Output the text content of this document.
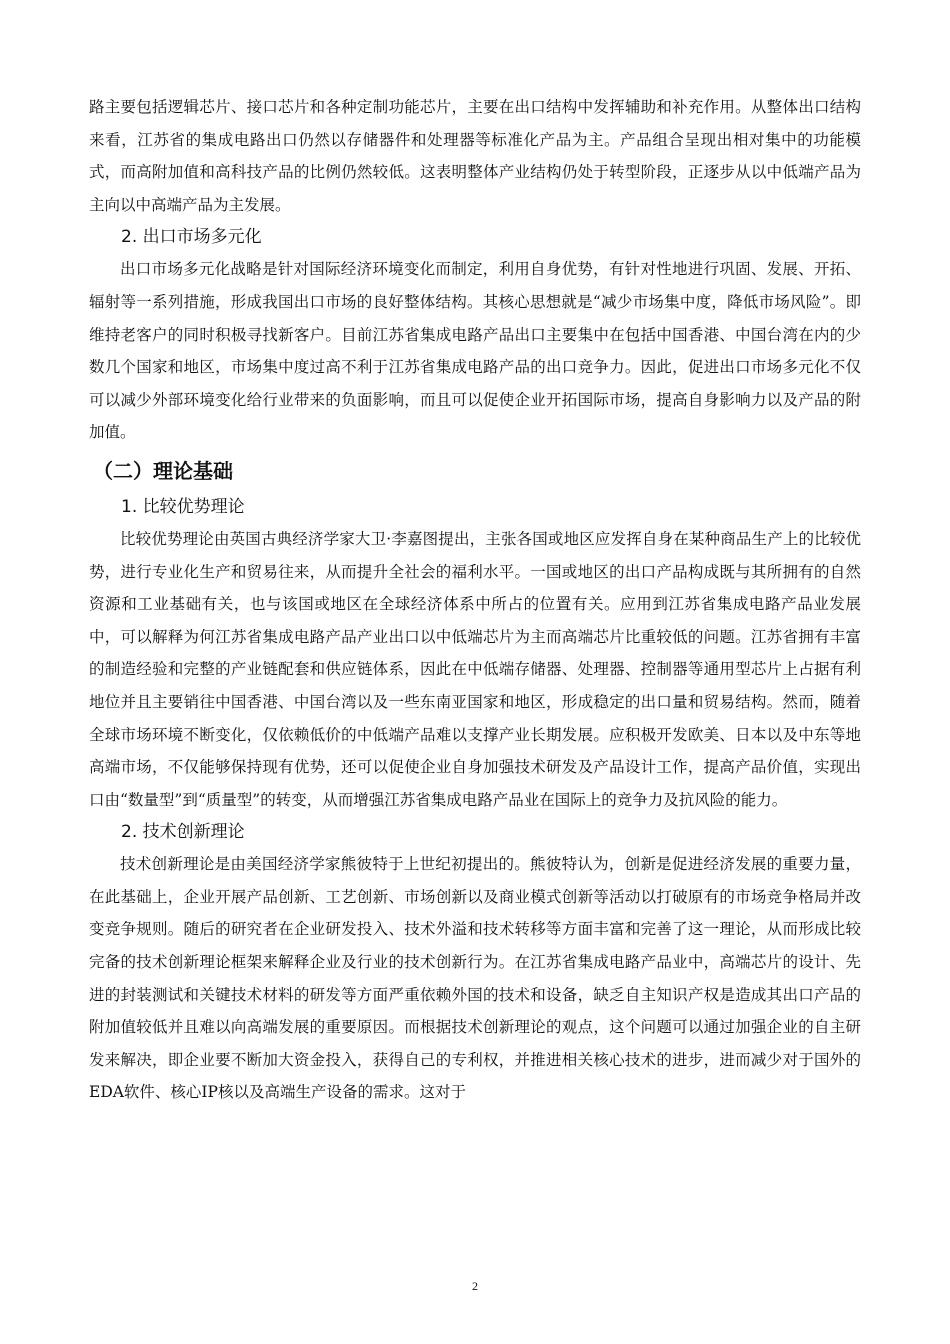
路主要包括逻辑芯片、接口芯片和各种定制功能芯片，主要在出口结构中发挥辅助和补充作用。从整体出口结构来看，江苏省的集成电路出口仍然以存储器件和处理器等标准化产品为主。产品组合呈现出相对集中的功能模式，而高附加值和高科技产品的比例仍然较低。这表明整体产业结构仍处于转型阶段，正逐步从以中低端产品为主向以中高端产品为主发展。

2. 出口市场多元化

出口市场多元化战略是针对国际经济环境变化而制定，利用自身优势，有针对性地进行巩固、发展、开拓、辐射等一系列措施，形成我国出口市场的良好整体结构。其核心思想就是“减少市场集中度，降低市场风险”。即维持老客户的同时积极寻找新客户。目前江苏省集成电路产品出口主要集中在包括中国香港、中国台湾在内的少数几个国家和地区，市场集中度过高不利于江苏省集成电路产品的出口竞争力。因此，促进出口市场多元化不仅可以减少外部环境变化给行业带来的负面影响，而且可以促使企业开拓国际市场，提高自身影响力以及产品的附加值。

（二）理论基础
1. 比较优势理论

比较优势理论由英国古典经济学家大卫·李嘉图提出，主张各国或地区应发挥自身在某种商品生产上的比较优势，进行专业化生产和贸易往来，从而提升全社会的福利水平。一国或地区的出口产品构成既与其所拥有的自然资源和工业基础有关，也与该国或地区在全球经济体系中所占的位置有关。应用到江苏省集成电路产品业发展中，可以解释为何江苏省集成电路产品产业出口以中低端芯片为主而高端芯片比重较低的问题。江苏省拥有丰富的制造经验和完整的产业链配套和供应链体系，因此在中低端存储器、处理器、控制器等通用型芯片上占据有利地位并且主要销往中国香港、中国台湾以及一些东南亚国家和地区，形成稳定的出口量和贸易结构。然而，随着全球市场环境不断变化，仅依赖低价的中低端产品难以支撑产业长期发展。应积极开发欧美、日本以及中东等地高端市场，不仅能够保持现有优势，还可以促使企业自身加强技术研发及产品设计工作，提高产品价值，实现出口由“数量型”到“质量型”的转变，从而增强江苏省集成电路产品业在国际上的竞争力及抗风险的能力。

2. 技术创新理论

技术创新理论是由美国经济学家熊彼特于上世纪初提出的。熊彼特认为，创新是促进经济发展的重要力量，在此基础上，企业开展产品创新、工艺创新、市场创新以及商业模式创新等活动以打破原有的市场竞争格局并改变竞争规则。随后的研究者在企业研发投入、技术外溢和技术转移等方面丰富和完善了这一理论，从而形成比较完备的技术创新理论框架来解释企业及行业的技术创新行为。在江苏省集成电路产品业中，高端芯片的设计、先进的封装测试和关键技术材料的研发等方面严重依赖外国的技术和设备，缺乏自主知识产权是造成其出口产品的附加值较低并且难以向高端发展的重要原因。而根据技术创新理论的观点，这个问题可以通过加强企业的自主研发来解决，即企业要不断加大资金投入，获得自己的专利权，并推进相关核心技术的进步，进而减少对于国外的EDA软件、核心IP核以及高端生产设备的需求。这对于

2
